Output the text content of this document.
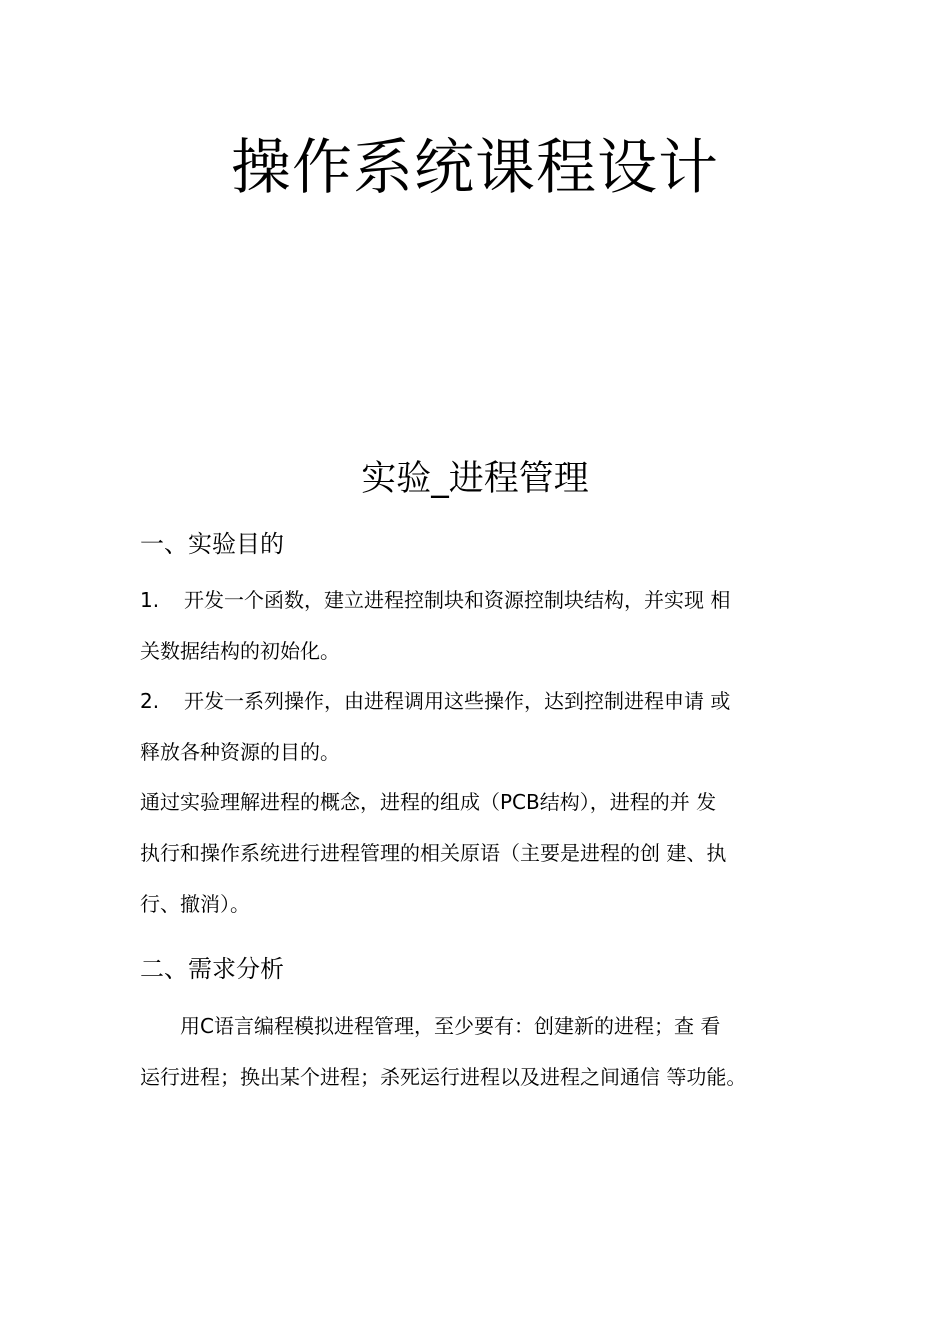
操作系统课程设计
实验_进程管理
一、实验目的
1. 开发一个函数，建立进程控制块和资源控制块结构，并实现 相
关数据结构的初始化。
2. 开发一系列操作，由进程调用这些操作，达到控制进程申请 或
释放各种资源的目的。
通过实验理解进程的概念，进程的组成（PCB结构），进程的并 发
执行和操作系统进行进程管理的相关原语（主要是进程的创 建、执
行、撤消）。
二、需求分析
用C语言编程模拟进程管理，至少要有：创建新的进程；查 看
运行进程；换出某个进程；杀死运行进程以及进程之间通信 等功能。
